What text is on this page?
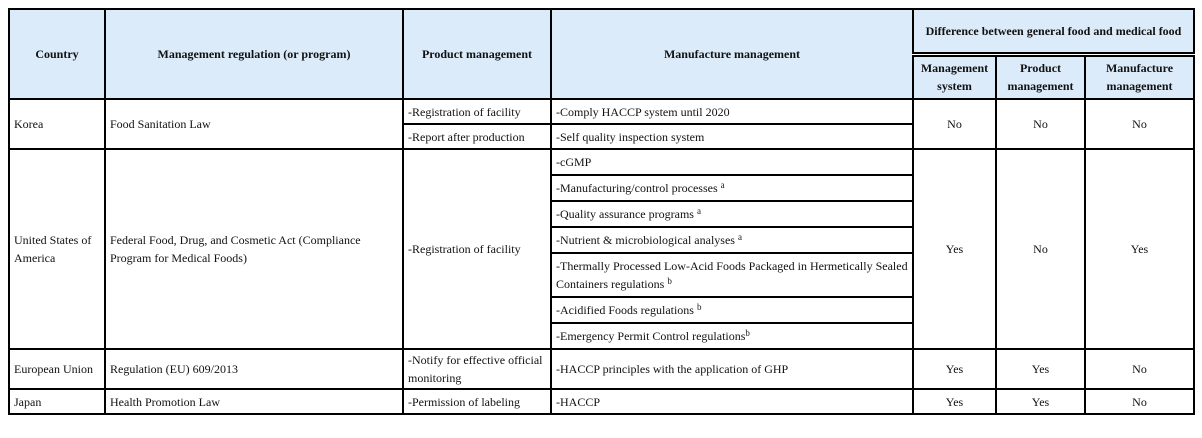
Country	Management regulation (or program)	Product management	Manufacture management	Difference between general food and medical food		
				Management system	Product management	Manufacture management
Korea	Food Sanitation Law	-Registration of facility	-Comply HACCP system until 2020	No	No	No
		-Report after production	-Self quality inspection system			
United States of America	Federal Food, Drug, and Cosmetic Act (Compliance Program for Medical Foods)	-Registration of facility	-cGMP	Yes	No	Yes
			-Manufacturing/control processes $^a$
			-Quality assurance programs $^a$
			-Nutrient & microbiological analyses $^a$
			-Thermally Processed Low-Acid Foods Packaged in Hermetically Sealed Containers regulations $^b$
			-Acidified Foods regulations $^b$
			-Emergency Permit Control regulations$^b$
European Union	Regulation (EU) 609/2013	-Notify for effective official monitoring	-HACCP principles with the application of GHP	Yes	Yes	No
Japan	Health Promotion Law	-Permission of labeling	-HACCP	Yes	Yes	No
